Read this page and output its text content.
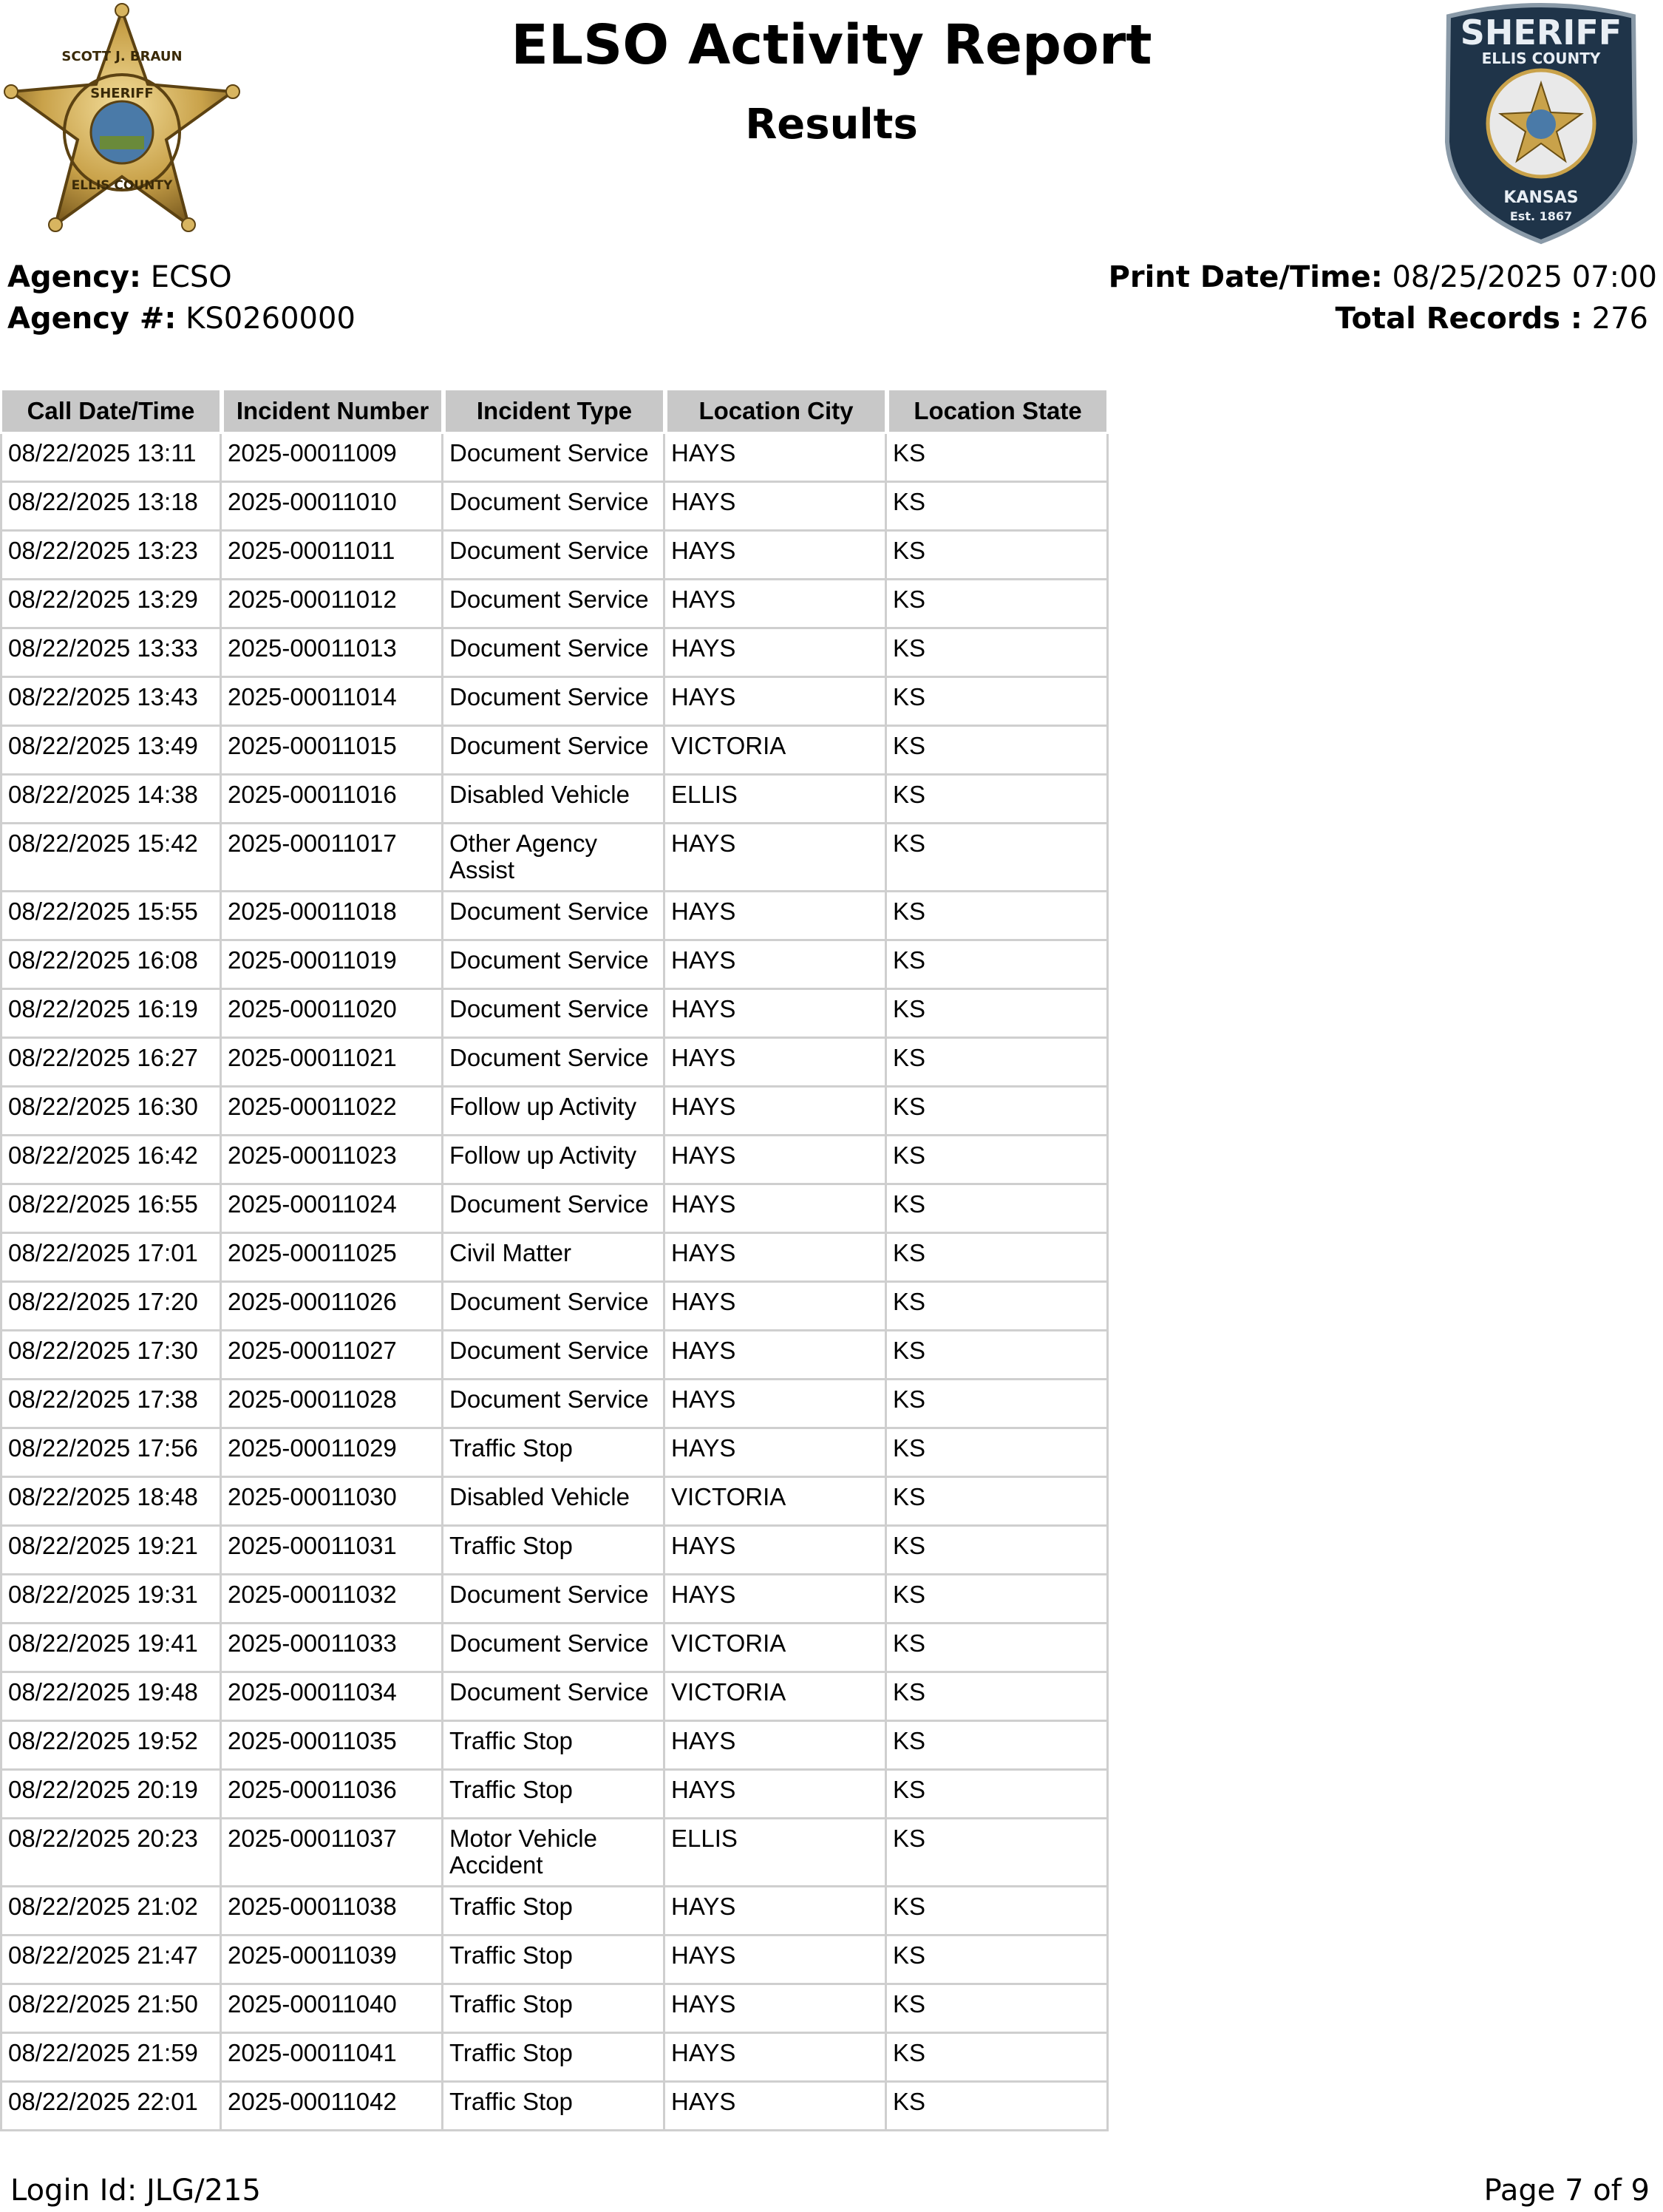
SCOTT J. BRAUN
SHERIFF
ELLIS COUNTY
ELSO Activity Report
Results
SHERIFF
ELLIS COUNTY
KANSAS
Est. 1867
Agency: ECSO
Agency #: KS0260000
Print Date/Time: 08/25/2025 07:00
Total Records : 276
Call Date/Time	Incident Number	Incident Type	Location City	Location State
08/22/2025 13:11	2025-00011009	Document Service	HAYS	KS
08/22/2025 13:18	2025-00011010	Document Service	HAYS	KS
08/22/2025 13:23	2025-00011011	Document Service	HAYS	KS
08/22/2025 13:29	2025-00011012	Document Service	HAYS	KS
08/22/2025 13:33	2025-00011013	Document Service	HAYS	KS
08/22/2025 13:43	2025-00011014	Document Service	HAYS	KS
08/22/2025 13:49	2025-00011015	Document Service	VICTORIA	KS
08/22/2025 14:38	2025-00011016	Disabled Vehicle	ELLIS	KS
08/22/2025 15:42	2025-00011017	Other Agency Assist	HAYS	KS
08/22/2025 15:55	2025-00011018	Document Service	HAYS	KS
08/22/2025 16:08	2025-00011019	Document Service	HAYS	KS
08/22/2025 16:19	2025-00011020	Document Service	HAYS	KS
08/22/2025 16:27	2025-00011021	Document Service	HAYS	KS
08/22/2025 16:30	2025-00011022	Follow up Activity	HAYS	KS
08/22/2025 16:42	2025-00011023	Follow up Activity	HAYS	KS
08/22/2025 16:55	2025-00011024	Document Service	HAYS	KS
08/22/2025 17:01	2025-00011025	Civil Matter	HAYS	KS
08/22/2025 17:20	2025-00011026	Document Service	HAYS	KS
08/22/2025 17:30	2025-00011027	Document Service	HAYS	KS
08/22/2025 17:38	2025-00011028	Document Service	HAYS	KS
08/22/2025 17:56	2025-00011029	Traffic Stop	HAYS	KS
08/22/2025 18:48	2025-00011030	Disabled Vehicle	VICTORIA	KS
08/22/2025 19:21	2025-00011031	Traffic Stop	HAYS	KS
08/22/2025 19:31	2025-00011032	Document Service	HAYS	KS
08/22/2025 19:41	2025-00011033	Document Service	VICTORIA	KS
08/22/2025 19:48	2025-00011034	Document Service	VICTORIA	KS
08/22/2025 19:52	2025-00011035	Traffic Stop	HAYS	KS
08/22/2025 20:19	2025-00011036	Traffic Stop	HAYS	KS
08/22/2025 20:23	2025-00011037	Motor Vehicle Accident	ELLIS	KS
08/22/2025 21:02	2025-00011038	Traffic Stop	HAYS	KS
08/22/2025 21:47	2025-00011039	Traffic Stop	HAYS	KS
08/22/2025 21:50	2025-00011040	Traffic Stop	HAYS	KS
08/22/2025 21:59	2025-00011041	Traffic Stop	HAYS	KS
08/22/2025 22:01	2025-00011042	Traffic Stop	HAYS	KS
Login Id: JLG/215	Page 7 of 9
